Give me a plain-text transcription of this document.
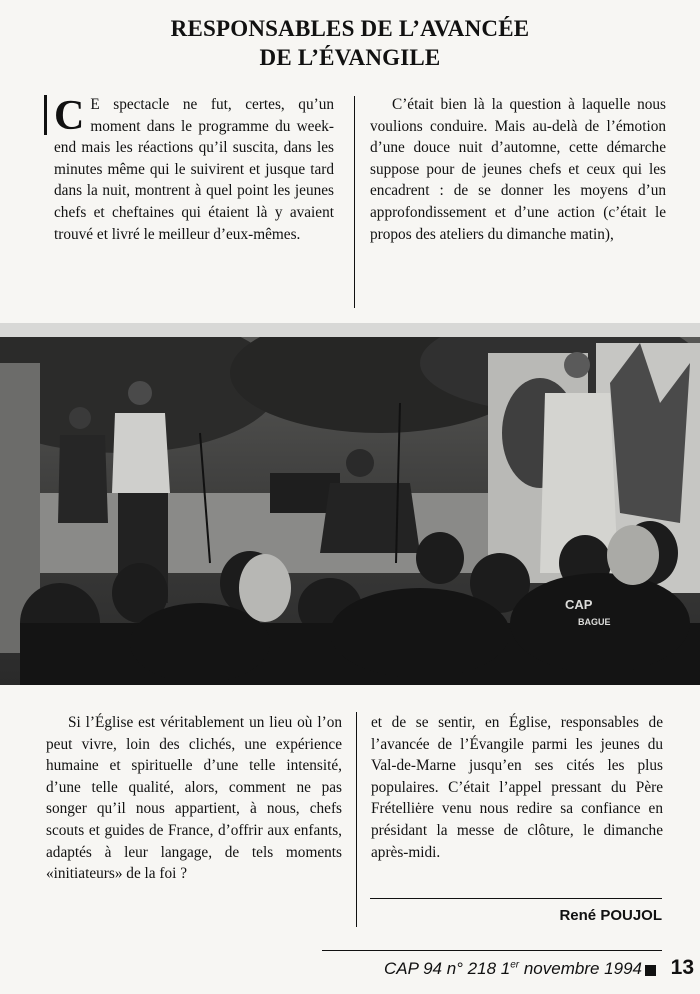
RESPONSABLES DE L’AVANCÉE
DE L’ÉVANGILE

C E spectacle ne fut, certes, qu’un moment dans le programme du week-end mais les réactions qu’il suscita, dans les minutes même qui le suivirent et jusque tard dans la nuit, montrent à quel point les jeunes chefs et cheftaines qui étaient là y avaient trouvé et livré le meilleur d’eux-mêmes.

C’était bien là la question à laquelle nous voulions conduire. Mais au-delà de l’émotion d’une douce nuit d’automne, cette démarche suppose pour de jeunes chefs et ceux qui les encadrent : de se donner les moyens d’un approfondissement et d’une action (c’était le propos des ateliers du dimanche matin),

CAP
BAGUE

Si l’Église est véritablement un lieu où l’on peut vivre, loin des clichés, une expérience humaine et spirituelle d’une telle intensité, d’une telle qualité, alors, comment ne pas songer qu’il nous appartient, à nous, chefs scouts et guides de France, d’offrir aux enfants, adaptés à leur langage, de tels moments «initiateurs» de la foi ?

et de se sentir, en Église, responsables de l’avancée de l’Évangile parmi les jeunes du Val-de-Marne jusqu’en ses cités les plus populaires. C’était l’appel pressant du Père Frételliėre venu nous redire sa confiance en présidant la messe de clôture, le dimanche après-midi.

René POUJOL
CAP 94 n° 218 1er novembre 1994 13
